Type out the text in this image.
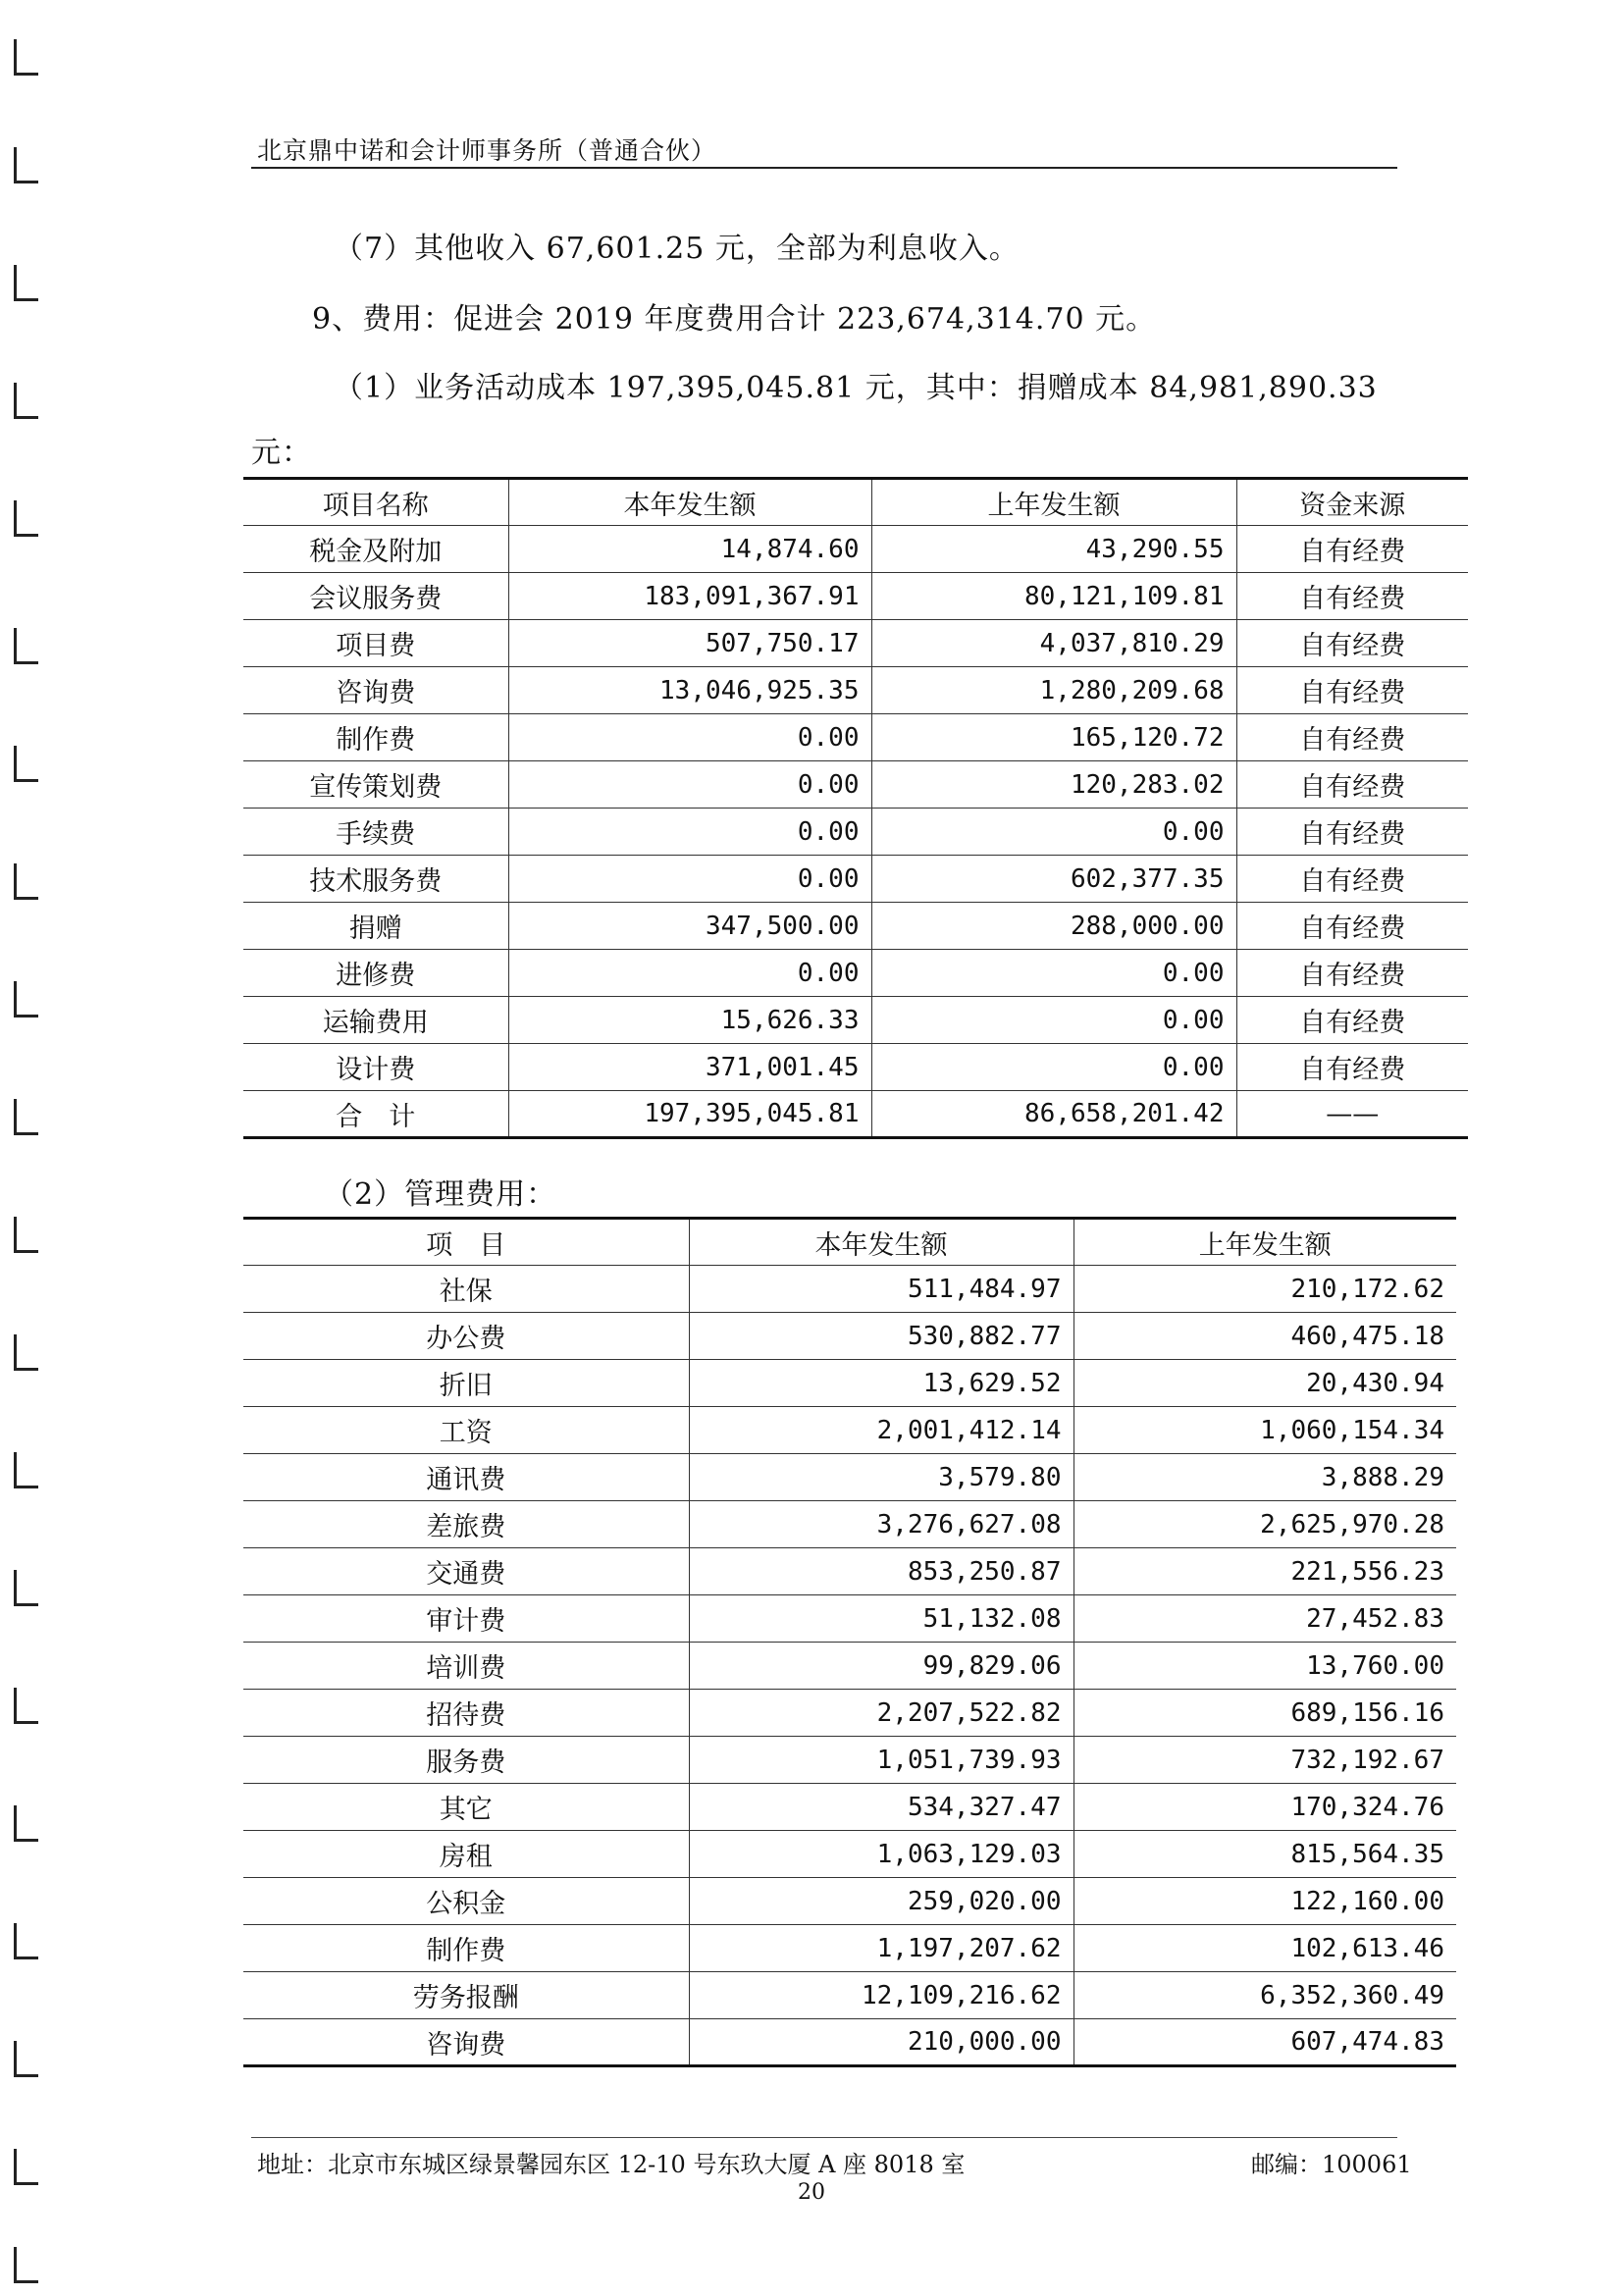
北京鼎中诺和会计师事务所（普通合伙）
（7）其他收入 67,601.25 元，全部为利息收入。
9、费用：促进会 2019 年度费用合计 223,674,314.70 元。
（1）业务活动成本 197,395,045.81 元，其中：捐赠成本 84,981,890.33
元：
项目名称	本年发生额	上年发生额	资金来源
税金及附加	14,874.60	43,290.55	自有经费
会议服务费	183,091,367.91	80,121,109.81	自有经费
项目费	507,750.17	4,037,810.29	自有经费
咨询费	13,046,925.35	1,280,209.68	自有经费
制作费	0.00	165,120.72	自有经费
宣传策划费	0.00	120,283.02	自有经费
手续费	0.00	0.00	自有经费
技术服务费	0.00	602,377.35	自有经费
捐赠	347,500.00	288,000.00	自有经费
进修费	0.00	0.00	自有经费
运输费用	15,626.33	0.00	自有经费
设计费	371,001.45	0.00	自有经费
合　计	197,395,045.81	86,658,201.42	——
（2）管理费用：
项　目	本年发生额	上年发生额
社保	511,484.97	210,172.62
办公费	530,882.77	460,475.18
折旧	13,629.52	20,430.94
工资	2,001,412.14	1,060,154.34
通讯费	3,579.80	3,888.29
差旅费	3,276,627.08	2,625,970.28
交通费	853,250.87	221,556.23
审计费	51,132.08	27,452.83
培训费	99,829.06	13,760.00
招待费	2,207,522.82	689,156.16
服务费	1,051,739.93	732,192.67
其它	534,327.47	170,324.76
房租	1,063,129.03	815,564.35
公积金	259,020.00	122,160.00
制作费	1,197,207.62	102,613.46
劳务报酬	12,109,216.62	6,352,360.49
咨询费	210,000.00	607,474.83
地址：北京市东城区绿景馨园东区 12-10 号东玖大厦 A 座 8018 室	邮编：100061
20
